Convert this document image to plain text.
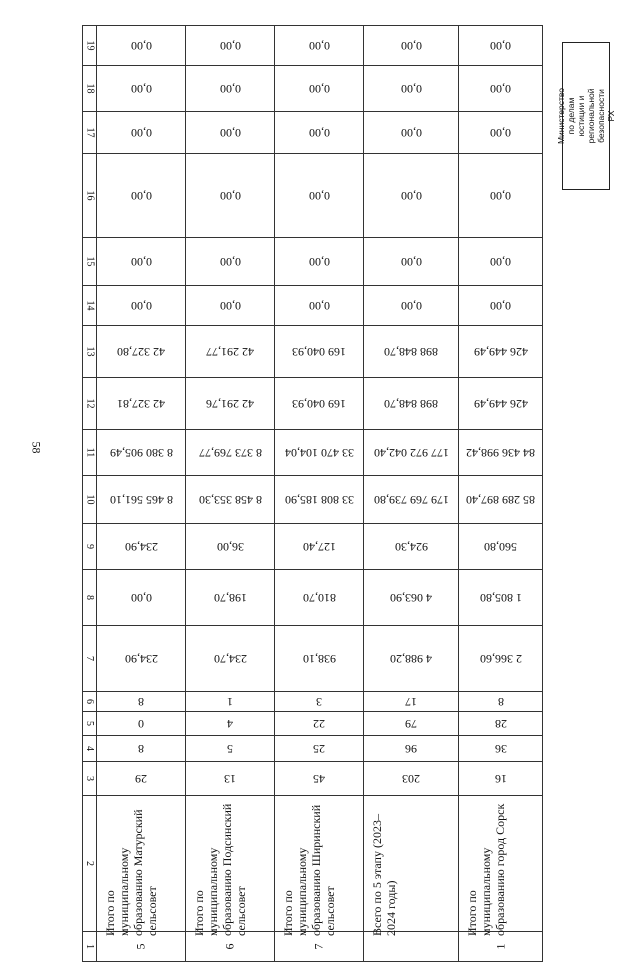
58
Министерство по делам юстиции и региональной безопасности РХ
19	0,00	0,00	0,00	0,00	0,00
18	0,00	0,00	0,00	0,00	0,00
17	0,00	0,00	0,00	0,00	0,00
16	0,00	0,00	0,00	0,00	0,00
15	0,00	0,00	0,00	0,00	0,00
14	0,00	0,00	0,00	0,00	0,00
13	42 327,80	42 291,77	169 040,93	898 848,70	426 449,49
12	42 327,81	42 291,76	169 040,93	898 848,70	426 449,49
11	8 380 905,49	8 373 769,77	33 470 104,04	177 972 042,40	84 436 998,42
10	8 465 561,10	8 458 353,30	33 808 185,90	179 769 739,80	85 289 897,40
9	234,90	36,00	127,40	924,30	560,80
8	0,00	198,70	810,70	4 063,90	1 805,80
7	234,90	234,70	938,10	4 988,20	2 366,60
6	8	1	3	17	8
5	0	4	22	79	28
4	8	5	25	96	36
3	29	13	45	203	16
2	Итого по муниципальному образованию Матурский сельсовет	Итого по муниципальному образованию Подсинский сельсовет	Итого по муниципальному образованию Ширинский сельсовет	Всего по 5 этапу (2023–2024 годы)	Итого по муниципальному образованию город Сорск

1	5	6	7		1
